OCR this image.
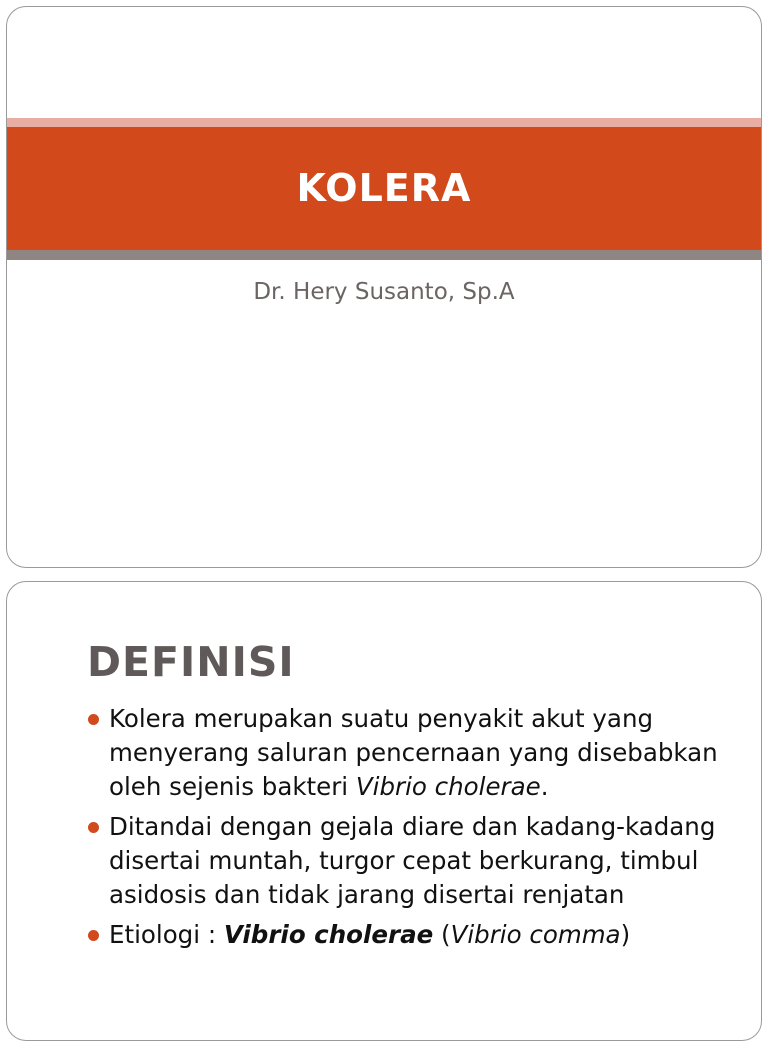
KOLERA
Dr. Hery Susanto, Sp.A
DEFINISI
Kolera merupakan suatu penyakit akut yang menyerang saluran pencernaan yang disebabkan oleh sejenis bakteri Vibrio cholerae.
Ditandai dengan gejala diare dan kadang-kadang disertai muntah, turgor cepat berkurang, timbul asidosis dan tidak jarang disertai renjatan
Etiologi : Vibrio cholerae (Vibrio comma)
